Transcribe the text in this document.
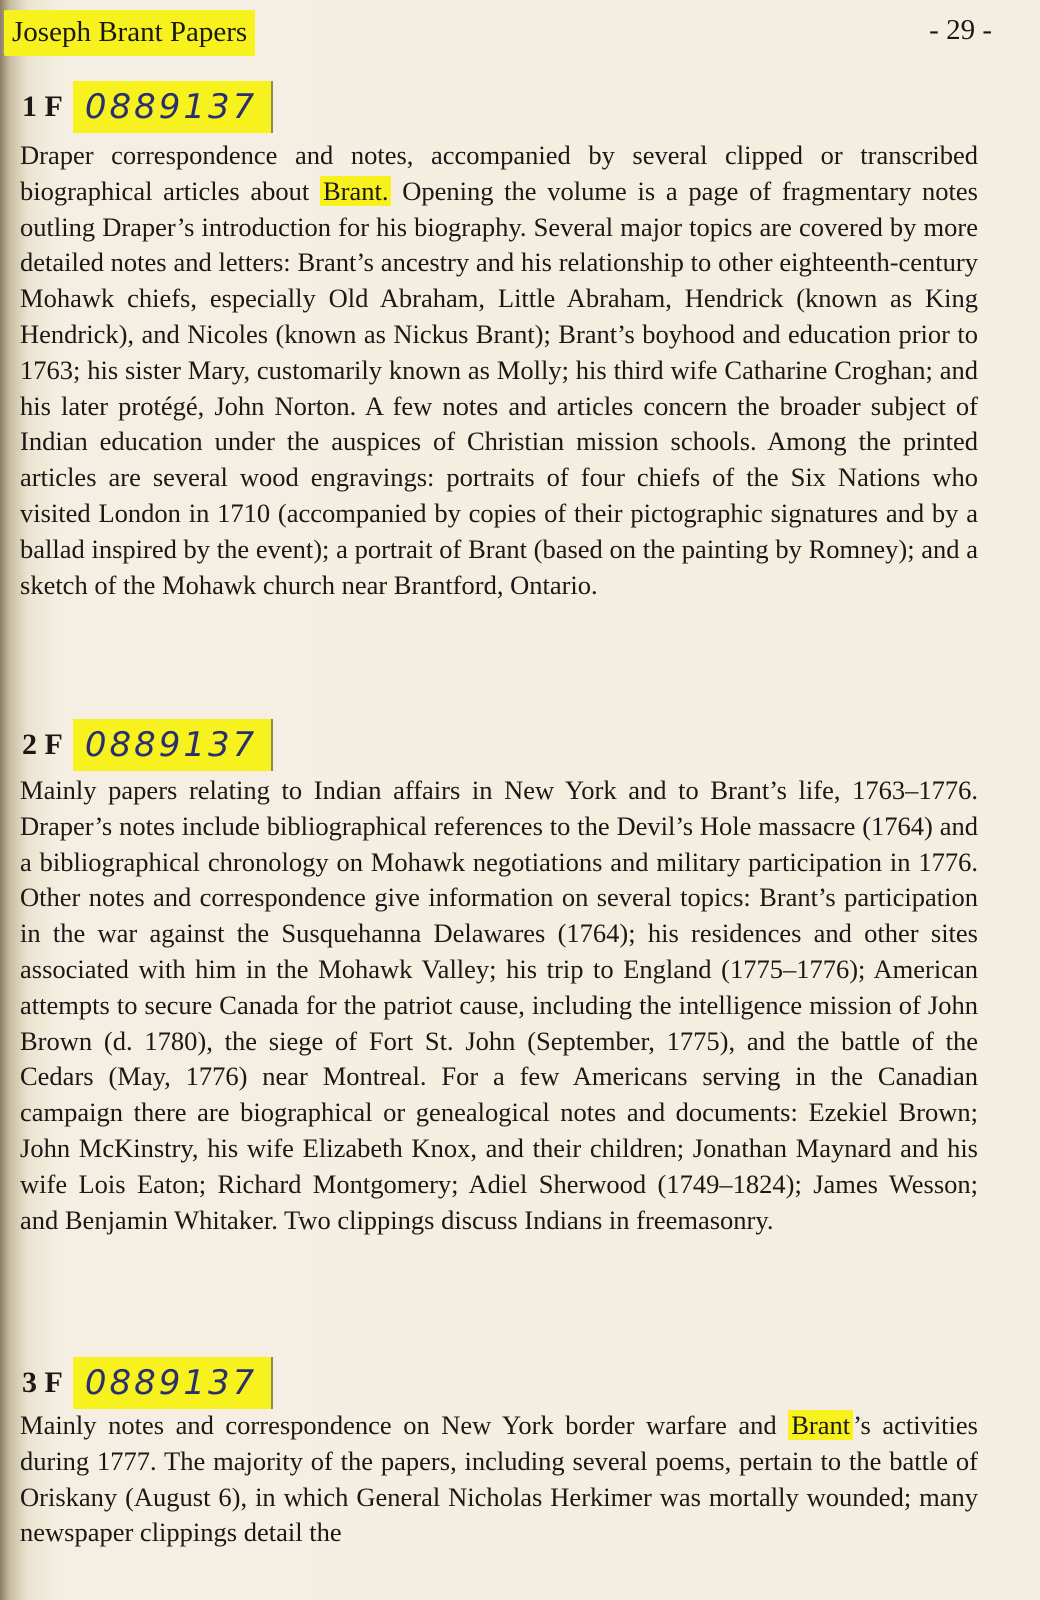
Joseph Brant Papers	- 29 -
1 F 0889137
Draper correspondence and notes, accompanied by several clipped or transcribed biographical articles about Brant. Opening the volume is a page of fragmentary notes outling Draper’s introduction for his biography. Several major topics are covered by more detailed notes and letters: Brant’s ancestry and his relationship to other eighteenth-century Mohawk chiefs, especially Old Abraham, Little Abraham, Hendrick (known as King Hendrick), and Nicoles (known as Nickus Brant); Brant’s boyhood and education prior to 1763; his sister Mary, customarily known as Molly; his third wife Catharine Croghan; and his later protégé, John Norton. A few notes and articles concern the broader subject of Indian education under the auspices of Christian mission schools. Among the printed articles are several wood engravings: portraits of four chiefs of the Six Nations who visited London in 1710 (accompanied by copies of their pictographic signatures and by a ballad inspired by the event); a portrait of Brant (based on the painting by Romney); and a sketch of the Mohawk church near Brantford, Ontario.
2 F 0889137
Mainly papers relating to Indian affairs in New York and to Brant’s life, 1763–1776. Draper’s notes include bibliographical references to the Devil’s Hole massacre (1764) and a bibliographical chronology on Mohawk negotiations and military participation in 1776. Other notes and correspondence give information on several topics: Brant’s participation in the war against the Susquehanna Delawares (1764); his residences and other sites associated with him in the Mohawk Valley; his trip to England (1775–1776); American attempts to secure Canada for the patriot cause, including the intelligence mission of John Brown (d. 1780), the siege of Fort St. John (September, 1775), and the battle of the Cedars (May, 1776) near Montreal. For a few Americans serving in the Canadian campaign there are biographical or genealogical notes and documents: Ezekiel Brown; John McKinstry, his wife Elizabeth Knox, and their children; Jonathan Maynard and his wife Lois Eaton; Richard Montgomery; Adiel Sherwood (1749–1824); James Wesson; and Benjamin Whitaker. Two clippings discuss Indians in freemasonry.
3 F 0889137
Mainly notes and correspondence on New York border warfare and Brant ’s activities during 1777. The majority of the papers, including several poems, pertain to the battle of Oriskany (August 6), in which General Nicholas Herkimer was mortally wounded; many newspaper clippings detail the
